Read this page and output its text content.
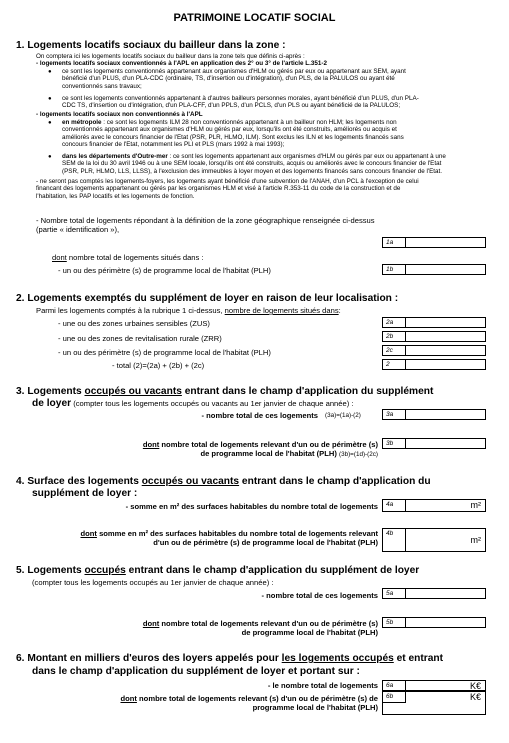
PATRIMOINE LOCATIF SOCIAL
1. Logements locatifs sociaux du bailleur dans la zone :
On comptera ici les logements locatifs sociaux du bailleur dans la zone tels que définis ci-après :
- logements locatifs sociaux conventionnés à l'APL en application des 2° ou 3° de l'article L.351-2
● ce sont les logements conventionnés appartenant aux organismes d'HLM ou gérés par eux ou appartenant aux SEM, ayant
bénéficié d'un PLUS, d'un PLA-CDC (ordinaire, TS, d'insertion ou d'intégration), d'un PLS, de la PALULOS ou ayant été
conventionnés sans travaux;
● ce sont les logements conventionnés appartenant à d'autres bailleurs personnes morales, ayant bénéficié d'un PLUS, d'un PLA-
CDC TS, d'insertion ou d'intégration, d'un PLA-CFF, d'un PPLS, d'un PCLS, d'un PLS ou ayant bénéficié de la PALULOS;
- logements locatifs sociaux non conventionnés à l'APL
● en métropole : ce sont les logements ILM 28 non conventionnés appartenant à un bailleur non HLM; les logements non
conventionnés appartenant aux organismes d'HLM ou gérés par eux, lorsqu'ils ont été construits, améliorés ou acquis et
améliorés avec le concours financier de l'Etat (PSR, PLR, HLMO, ILM). Sont exclus les ILN et les logements financés sans
concours financier de l'Etat, notamment les PLI et PLS (mars 1992 à mai 1993);
● dans les départements d'Outre-mer : ce sont les logements appartenant aux organismes d'HLM ou gérés par eux ou appartenant à une
SEM de la loi du 30 avril 1946 ou à une SEM locale, lorsqu'ils ont été construits, acquis ou améliorés avec le concours financier de l'Etat
(PSR, PLR, HLMO, LLS, LLSS), à l'exclusion des immeubles à loyer moyen et des logements financés sans concours financier de l'Etat.
- ne seront pas comptés les logements-foyers, les logements ayant bénéficié d'une subvention de l'ANAH, d'un PCL à l'exception de celui
financant des logements appartenant ou gérés par les organismes HLM et visé à l'article R.353-11 du code de la construction et de
l'habitation, les PAP locatifs et les logements de fonction.
- Nombre total de logements répondant à la définition de la zone géographique renseignée ci-dessus
(partie « identification »),
1a
dont nombre total de logements situés dans :
- un ou des périmètre (s) de programme local de l'habitat (PLH)	1b
2. Logements exemptés du supplément de loyer en raison de leur localisation :
Parmi les logements comptés à la rubrique 1 ci-dessus, nombre de logements situés dans:
- une ou des zones urbaines sensibles (ZUS)	2a
- une ou des zones de revitalisation rurale (ZRR)	2b
- un ou des périmètre (s) de programme local de l'habitat (PLH)	2c
- total (2)=(2a) + (2b) + (2c)	2
3. Logements occupés ou vacants entrant dans le champ d'application du supplément
de loyer (compter tous les logements occupés ou vacants au 1er janvier de chaque année) :
- nombre total de ces logements (3a)=(1a)-(2)	3a
dont nombre total de logements relevant d'un ou de périmètre (s)
de programme local de l'habitat (PLH) (3b)=(1d)-(2c)
3b
4. Surface des logements occupés ou vacants entrant dans le champ d'application du
supplément de loyer :
- somme en m² des surfaces habitables du nombre total de logements	4a	m²
dont somme en m² des surfaces habitables du nombre total de logements relevant
d'un ou de périmètre (s) de programme local de l'habitat (PLH)
4b
m²
5. Logements occupés entrant dans le champ d'application du supplément de loyer
(compter tous les logements occupés au 1er janvier de chaque année) :
- nombre total de ces logements	5a
dont nombre total de logements relevant d'un ou de périmètre (s)
de programme local de l'habitat (PLH)
5b
6. Montant en milliers d'euros des loyers appelés pour les logements occupés et entrant
dans le champ d'application du supplément de loyer et portant sur :
- le nombre total de logements	6a	K€
dont nombre total de logements relevant (s) d'un ou de périmètre (s) de
programme local de l'habitat (PLH)
6b	K€
